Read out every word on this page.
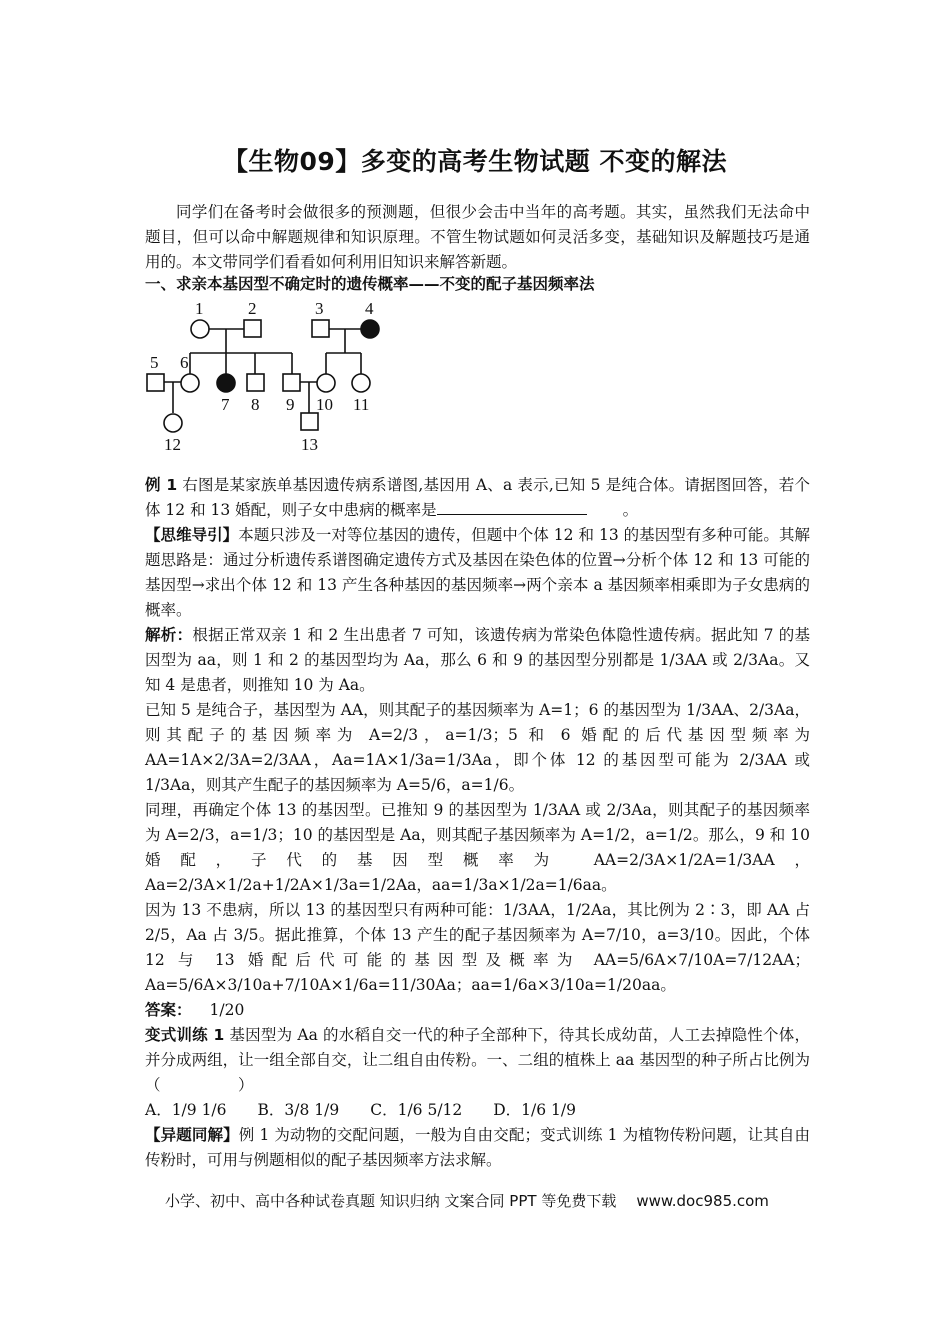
【生物09】多变的高考生物试题 不变的解法

同学们在备考时会做很多的预测题，但很少会击中当年的高考题。其实，虽然我们无法命中题目，但可以命中解题规律和知识原理。不管生物试题如何灵活多变，基础知识及解题技巧是通用的。本文带同学们看看如何利用旧知识来解答新题。

一、求亲本基因型不确定时的遗传概率——不变的配子基因频率法
1	2	3 4
5 6
7 8 9 10 11
12	13

例 1 右图是某家族单基因遗传病系谱图,基因用 A、a 表示,已知 5 是纯合体。请据图回答，若个体 12 和 13 婚配，则子女中患病的概率是	。

【思维导引】本题只涉及一对等位基因的遗传，但题中个体 12 和 13 的基因型有多种可能。其解题思路是：通过分析遗传系谱图确定遗传方式及基因在染色体的位置→分析个体 12 和 13 可能的基因型→求出个体 12 和 13 产生各种基因的基因频率→两个亲本 a 基因频率相乘即为子女患病的概率。

解析：根据正常双亲 1 和 2 生出患者 7 可知，该遗传病为常染色体隐性遗传病。据此知 7 的基因型为 aa，则 1 和 2 的基因型均为 Aa，那么 6 和 9 的基因型分别都是 1/3AA 或 2/3Aa。又知 4 是患者，则推知 10 为 Aa。

已知 5 是纯合子，基因型为 AA，则其配子的基因频率为 A=1；6 的基因型为 1/3AA、2/3Aa，则其配子的基因频率为 A=2/3，a=1/3；5 和 6 婚配的后代基因型频率为 AA=1A×2/3A=2/3AA，Aa=1A×1/3a=1/3Aa，即个体 12 的基因型可能为 2/3AA 或 1/3Aa，则其产生配子的基因频率为 A=5/6，a=1/6。

同理，再确定个体 13 的基因型。已推知 9 的基因型为 1/3AA 或 2/3Aa，则其配子的基因频率为 A=2/3，a=1/3；10 的基因型是 Aa，则其配子基因频率为 A=1/2，a=1/2。那么，9 和 10 婚配，子代的基因型概率为 AA=2/3A×1/2A=1/3AA，Aa=2/3A×1/2a+1/2A×1/3a=1/2Aa，aa=1/3a×1/2a=1/6aa。

因为 13 不患病，所以 13 的基因型只有两种可能：1/3AA，1/2Aa，其比例为 2∶3，即 AA 占 2/5，Aa 占 3/5。据此推算，个体 13 产生的配子基因频率为 A=7/10，a=3/10。因此，个体 12 与 13 婚配后代可能的基因型及概率为 AA=5/6A×7/10A=7/12AA；Aa=5/6A×3/10a+7/10A×1/6a=11/30Aa；aa=1/6a×3/10a=1/20aa。

答案： 1/20

变式训练 1 基因型为 Aa 的水稻自交一代的种子全部种下，待其长成幼苗，人工去掉隐性个体，并分成两组，让一组全部自交，让二组自由传粉。一、二组的植株上 aa 基因型的种子所占比例为（　　　　　）

A．1/9 1/6　　B．3/8 1/9　　C．1/6 5/12　　D．1/6 1/9

【异题同解】例 1 为动物的交配问题，一般为自由交配；变式训练 1 为植物传粉问题，让其自由传粉时，可用与例题相似的配子基因频率方法求解。

小学、初中、高中各种试卷真题 知识归纳 文案合同 PPT 等免费下载 www.doc985.com
